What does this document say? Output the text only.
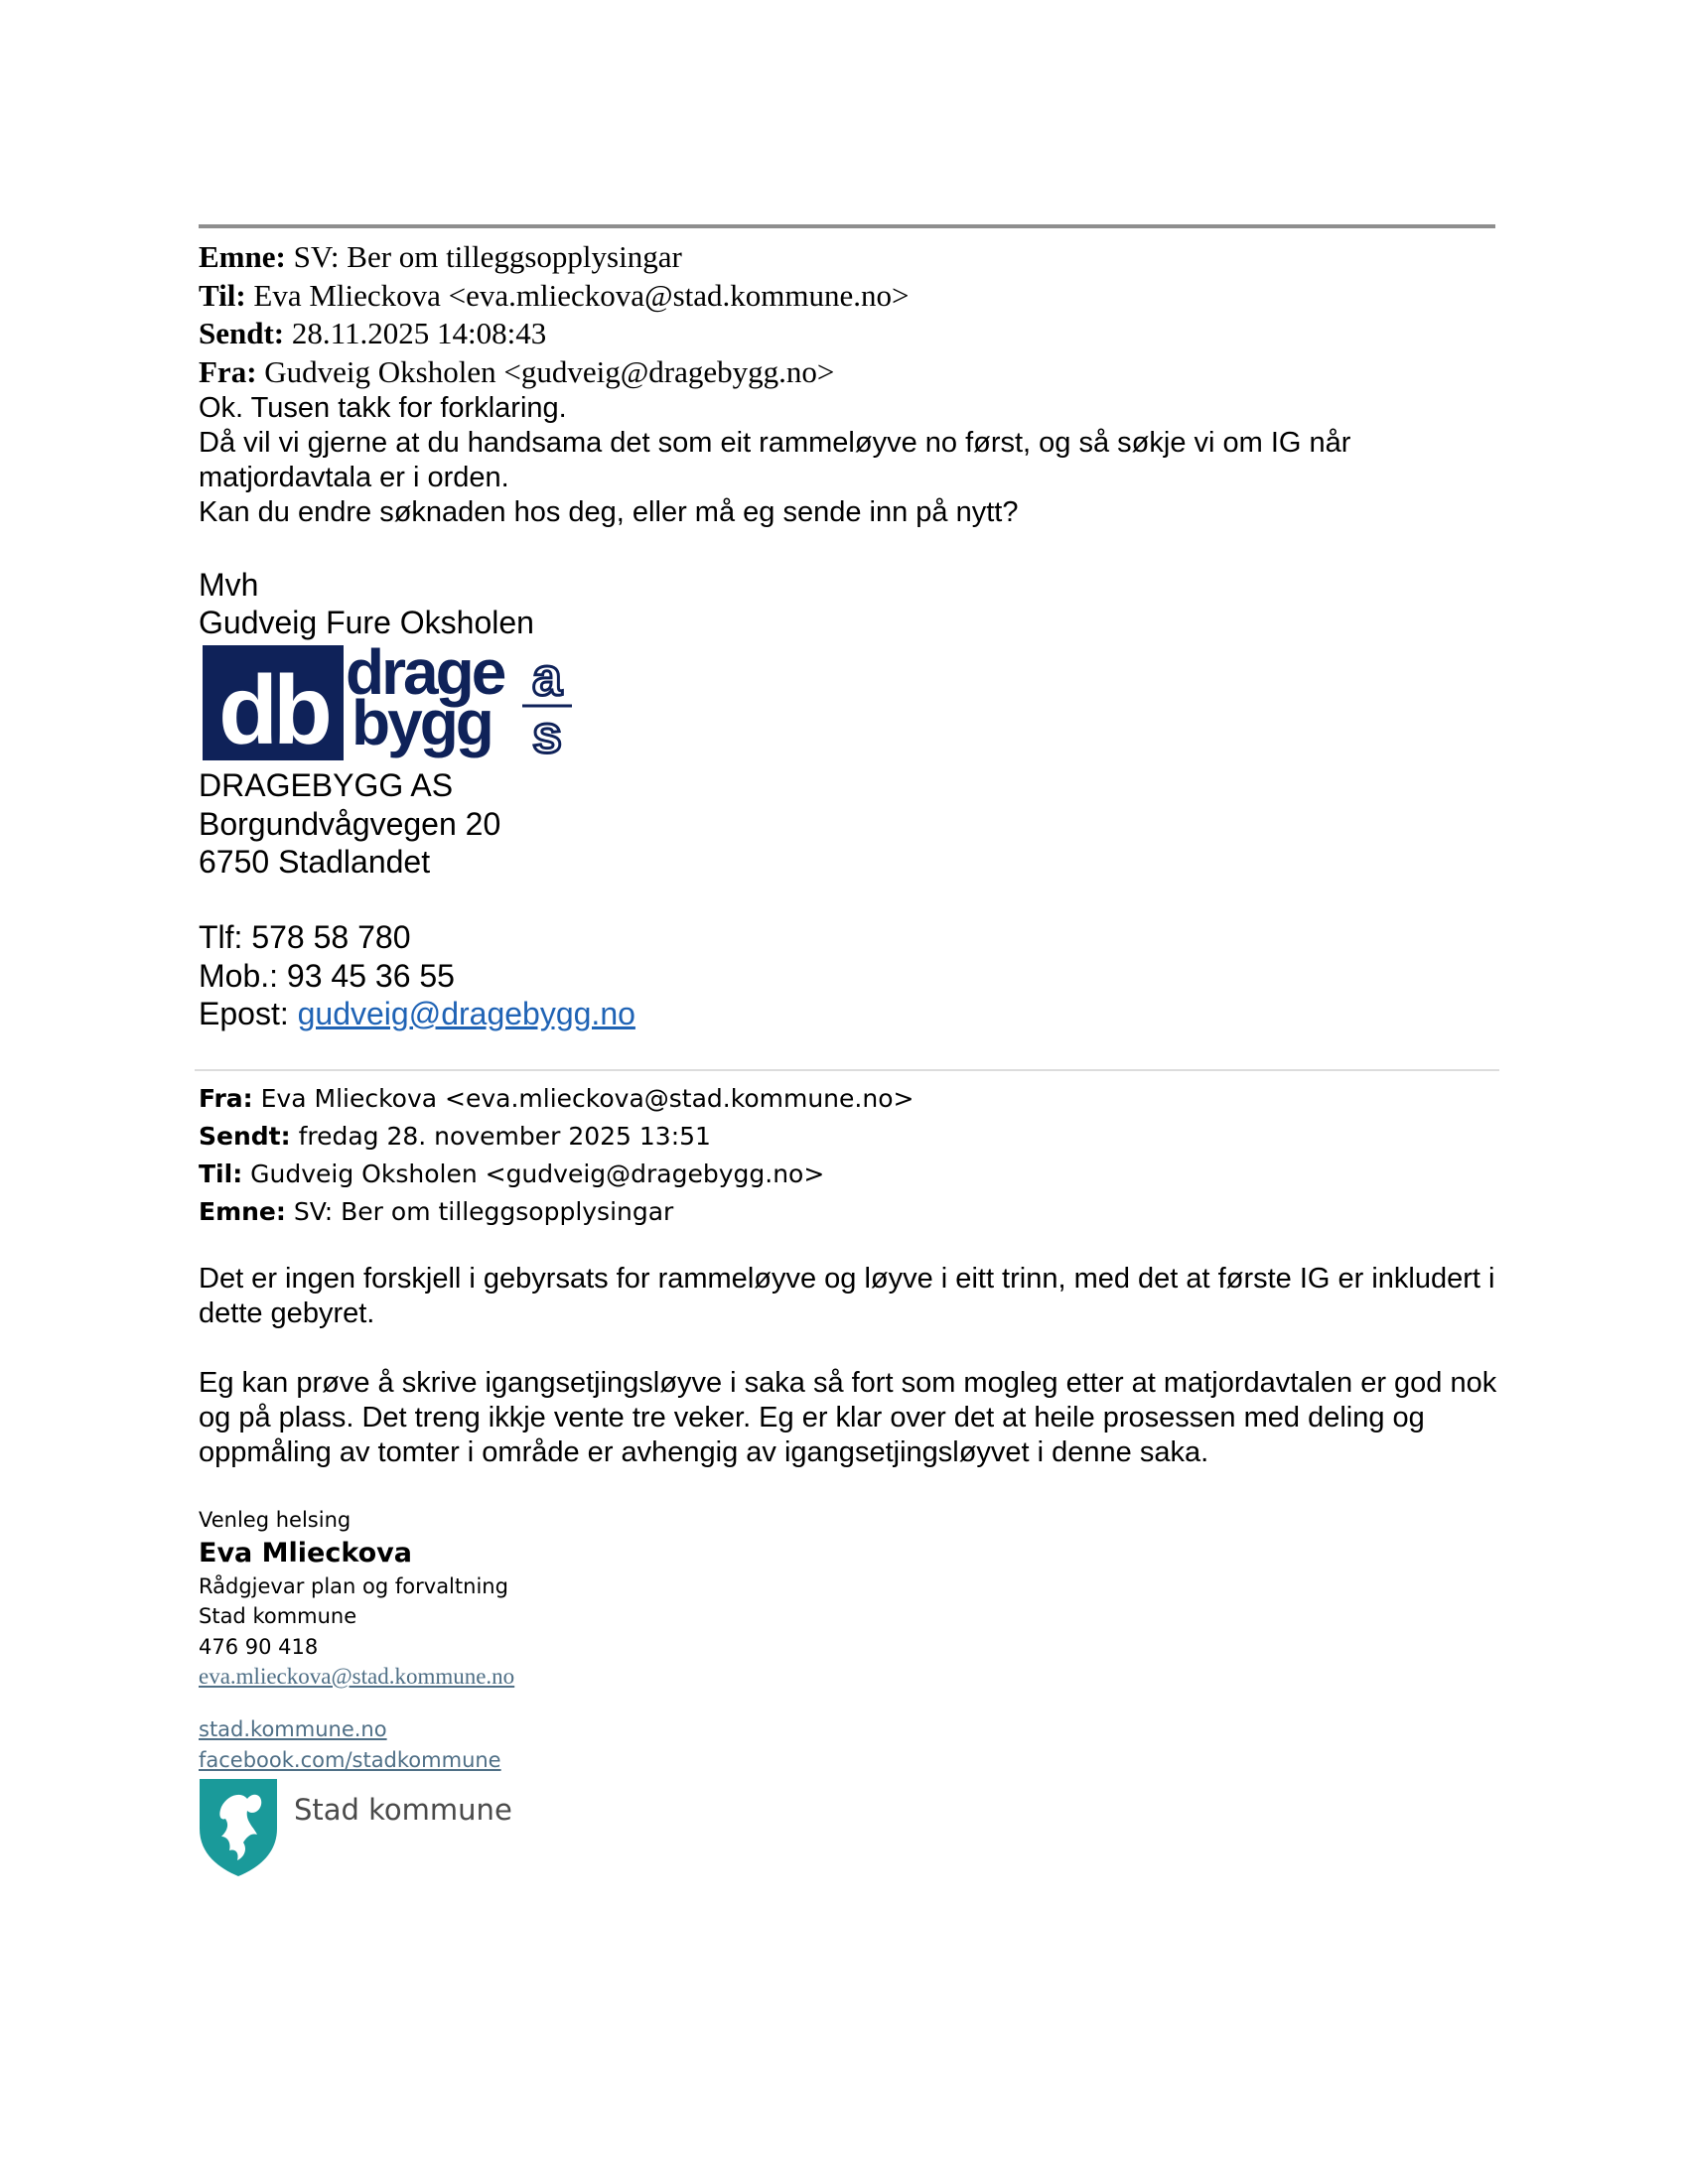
Emne: SV: Ber om tilleggsopplysingar
Til: Eva Mlieckova <eva.mlieckova@stad.kommune.no>
Sendt: 28.11.2025 14:08:43
Fra: Gudveig Oksholen <gudveig@dragebygg.no>

Ok. Tusen takk for forklaring.

Då vil vi gjerne at du handsama det som eit rammeløyve no først, og så søkje vi om IG når matjordavtala er i orden.

Kan du endre søknaden hos deg, eller må eg sende inn på nytt?

Mvh

Gudveig Fure Oksholen

db drage
bygg
a
s

DRAGEBYGG AS

Borgundvågvegen 20

6750 Stadlandet

Tlf: 578 58 780

Mob.: 93 45 36 55

Epost: gudveig@dragebygg.no

Fra: Eva Mlieckova <eva.mlieckova@stad.kommune.no>
Sendt: fredag 28. november 2025 13:51
Til: Gudveig Oksholen <gudveig@dragebygg.no>
Emne: SV: Ber om tilleggsopplysingar

Det er ingen forskjell i gebyrsats for rammeløyve og løyve i eitt trinn, med det at første IG er inkludert i dette gebyret.

Eg kan prøve å skrive igangsetjingsløyve i saka så fort som mogleg etter at matjordavtalen er god nok og på plass. Det treng ikkje vente tre veker. Eg er klar over det at heile prosessen med deling og oppmåling av tomter i område er avhengig av igangsetjingsløyvet i denne saka.

Venleg helsing

Eva Mlieckova

Rådgjevar plan og forvaltning

Stad kommune

476 90 418

eva.mlieckova@stad.kommune.no

stad.kommune.no

facebook.com/stadkommune

Stad kommune
